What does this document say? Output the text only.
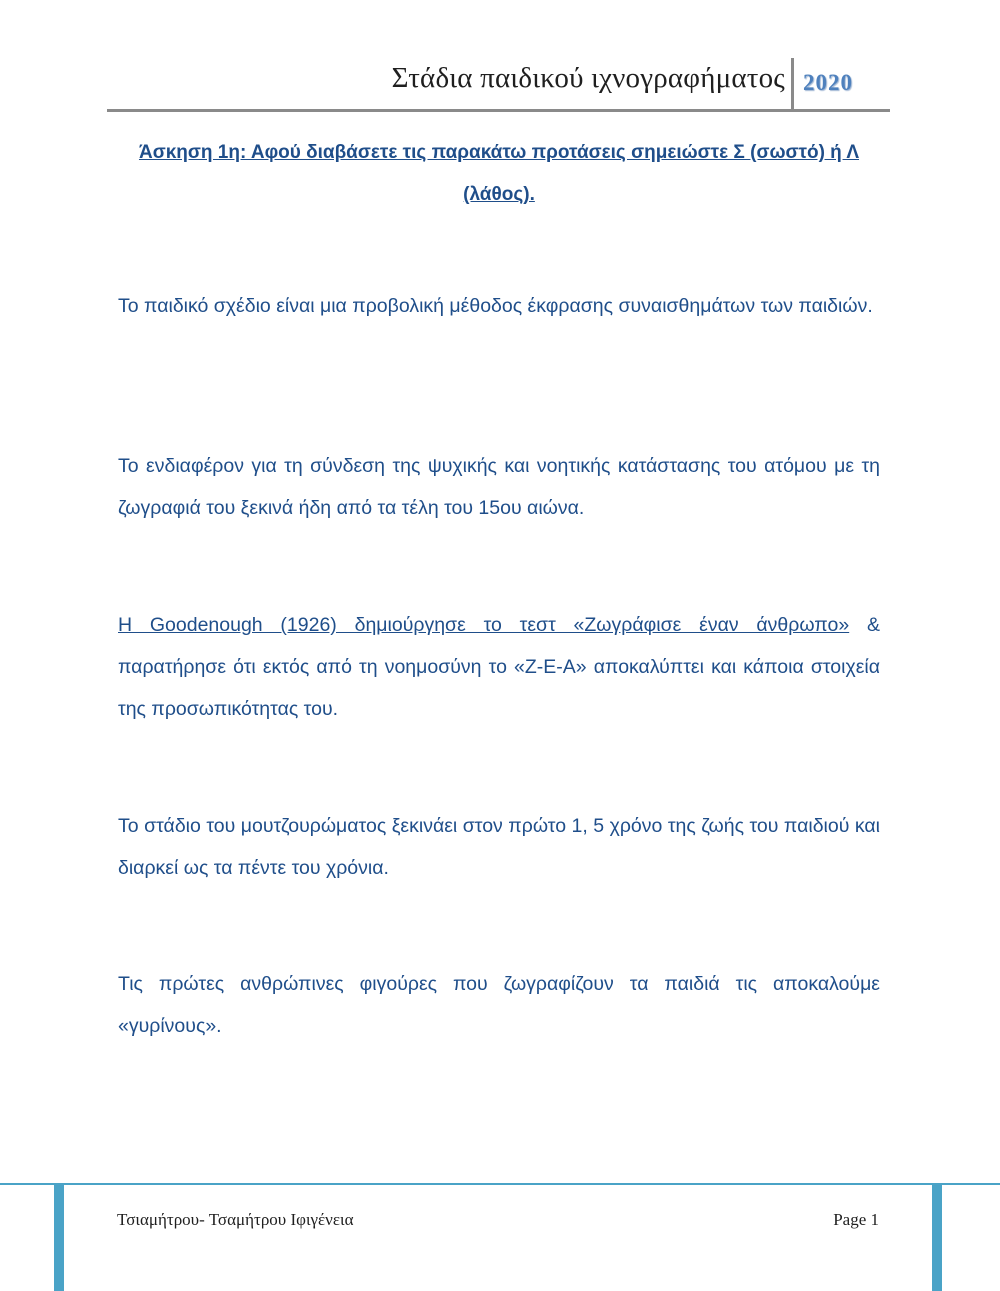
Στάδια παιδικού ιχνογραφήματος 2020
Άσκηση 1η: Αφού διαβάσετε τις παρακάτω προτάσεις σημειώστε Σ (σωστό) ή Λ (λάθος).

Το παιδικό σχέδιο είναι μια προβολική μέθοδος έκφρασης συναισθημάτων των παιδιών.

Το ενδιαφέρον για τη σύνδεση της ψυχικής και νοητικής κατάστασης του ατόμου με τη ζωγραφιά του ξεκινά ήδη από τα τέλη του 15ου αιώνα.

Η Goodenough (1926) δημιούργησε το τεστ «Ζωγράφισε έναν άνθρωπο» & παρατήρησε ότι εκτός από τη νοημοσύνη το «Ζ-Ε-Α» αποκαλύπτει και κάποια στοιχεία της προσωπικότητας του.

Το στάδιο του μουτζουρώματος ξεκινάει στον πρώτο 1, 5 χρόνο της ζωής του παιδιού και διαρκεί ως τα πέντε του χρόνια.

Τις πρώτες ανθρώπινες φιγούρες που ζωγραφίζουν τα παιδιά τις αποκαλούμε «γυρίνους».

Τσιαμήτρου- Τσαμήτρου Ιφιγένεια	Page 1
